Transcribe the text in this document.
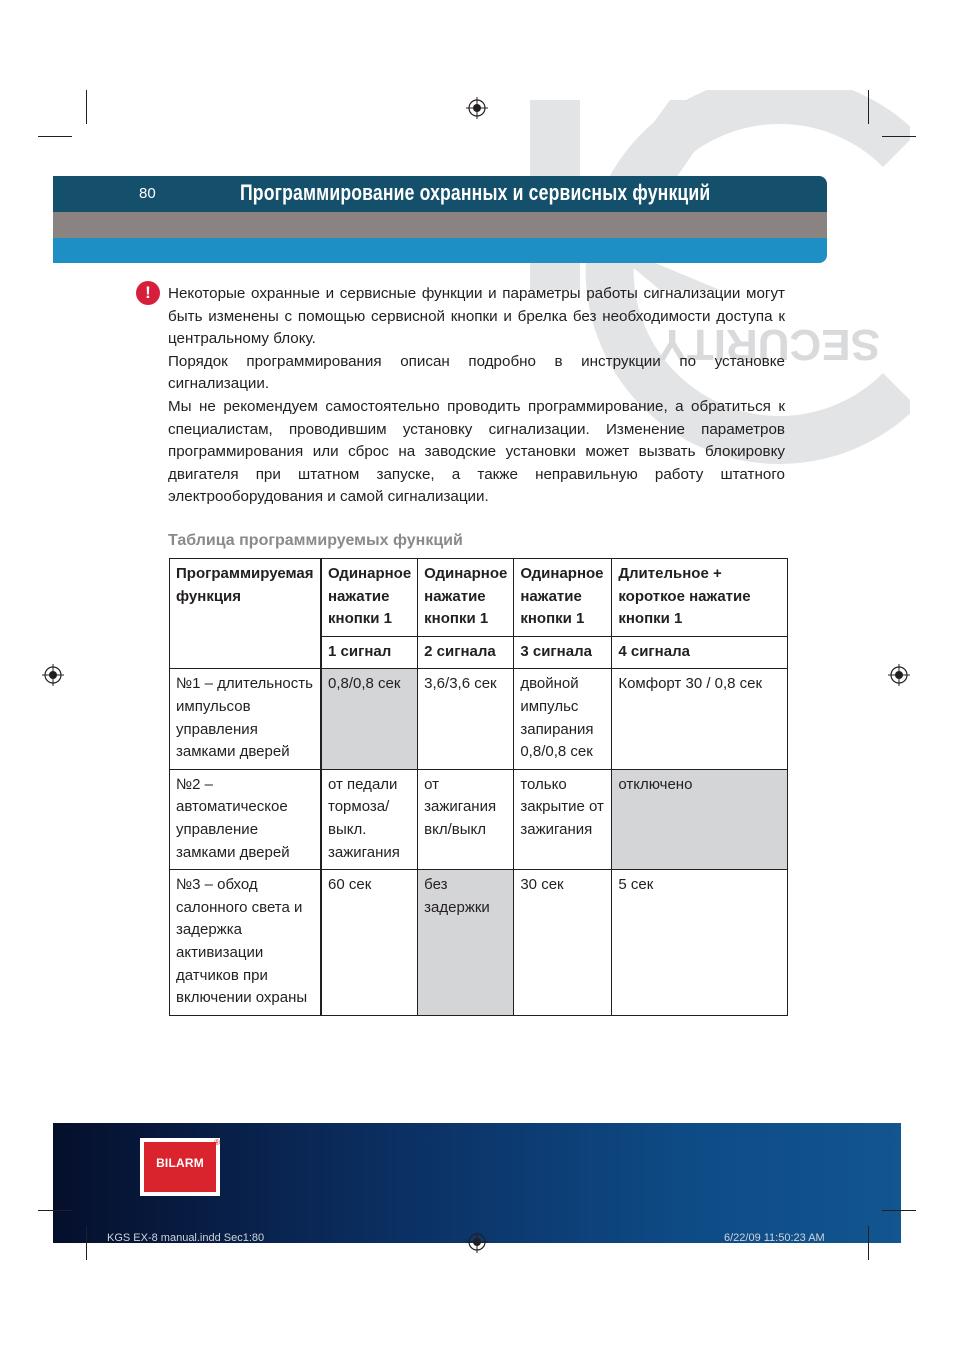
SECURITY
80	Программирование охранных и сервисных функций
!	Некоторые охранные и сервисные функции и параметры работы сигнализации могут быть изменены с помощью сервисной кнопки и брелка без необходимости доступа к центральному блоку.

Порядок программирования описан подробно в инструкции по установке сигнализации.

Мы не рекомендуем самостоятельно проводить программирование, а обратиться к специалистам, проводившим установку сигнализации. Изменение параметров программирования или сброс на заводские установки может вызвать блокировку двигателя при штатном запуске, а также неправильную работу штатного электрооборудования и самой сигнализации.

Таблица программируемых функций
Программируемая функция	Одинарное нажатие кнопки 1	Одинарное нажатие кнопки 1	Одинарное нажатие кнопки 1	Длительное + короткое нажатие кнопки 1
	1 сигнал	2 сигнала	3 сигнала	4 сигнала
№1 – длительность импульсов управления замками дверей	0,8/0,8 сек	3,6/3,6 сек	двойной импульс запирания 0,8/0,8 сек	Комфорт 30 / 0,8 сек
№2 – автоматическое управление замками дверей	от педали тормоза/ выкл. зажигания	от зажигания вкл/выкл	только закрытие от зажигания	отключено
№3 – обход салонного света и задержка активизации датчиков при включении охраны	60 сек	без задержки	30 сек	5 сек
BILARM
®
KGS EX-8 manual.indd Sec1:80	6/22/09 11:50:23 AM
